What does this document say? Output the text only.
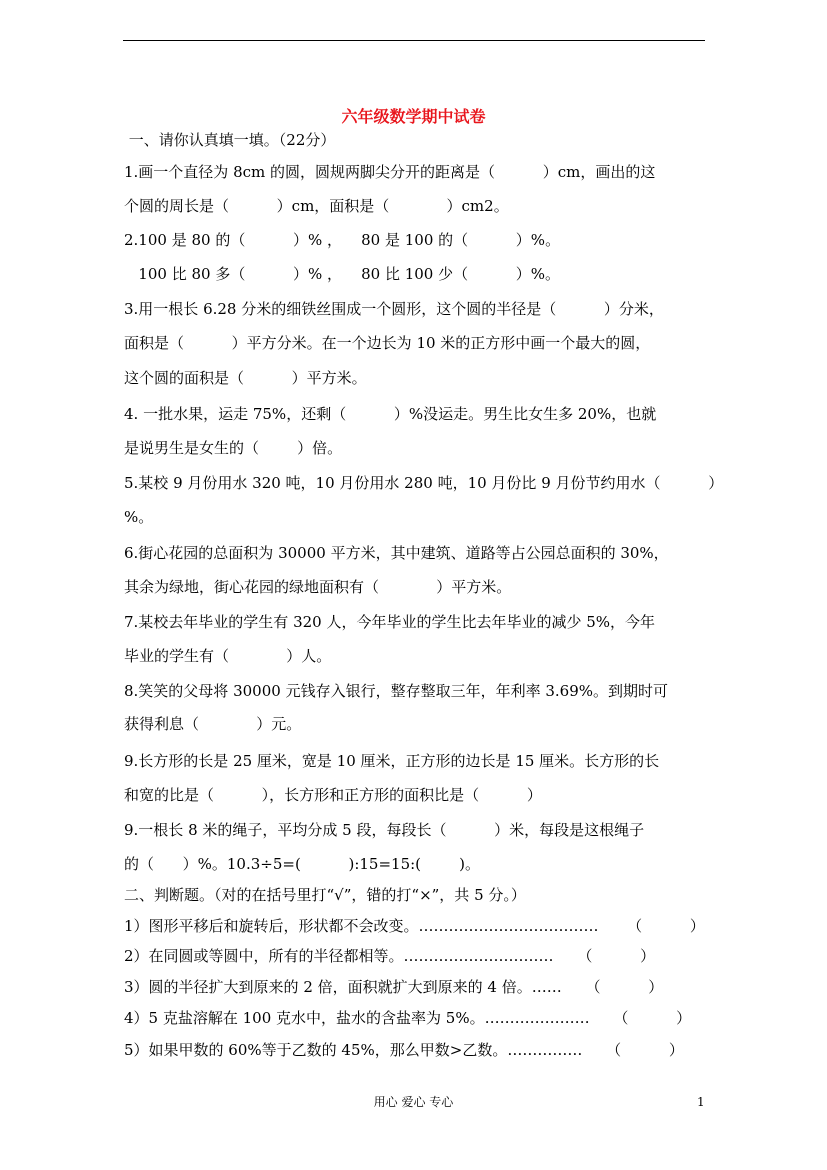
六年级数学期中试卷
一、请你认真填一填。（22分）
1.画一个直径为 8cm 的圆，圆规两脚尖分开的距离是（          ）cm，画出的这
个圆的周长是（          ）cm，面积是（            ）cm2。
2.100 是 80 的（          ）% ，    80 是 100 的（          ）%。
100 比 80 多（          ）% ，    80 比 100 少（          ）%。
3.用一根长 6.28 分米的细铁丝围成一个圆形，这个圆的半径是（          ）分米，
面积是（          ）平方分米。在一个边长为 10 米的正方形中画一个最大的圆，
这个圆的面积是（          ）平方米。
4. 一批水果，运走 75%，还剩（          ）%没运走。男生比女生多 20%，也就
是说男生是女生的（        ）倍。
5.某校 9 月份用水 320 吨，10 月份用水 280 吨，10 月份比 9 月份节约用水（          ）
%。
6.街心花园的总面积为 30000 平方米，其中建筑、道路等占公园总面积的 30%，
其余为绿地，街心花园的绿地面积有（            ）平方米。
7.某校去年毕业的学生有 320 人，今年毕业的学生比去年毕业的减少 5%，今年
毕业的学生有（            ）人。
8.笑笑的父母将 30000 元钱存入银行，整存整取三年，年利率 3.69%。到期时可
获得利息（            ）元。
9.长方形的长是 25 厘米，宽是 10 厘米，正方形的边长是 15 厘米。长方形的长
和宽的比是（          ），长方形和正方形的面积比是（          ）
9.一根长 8 米的绳子，平均分成 5 段，每段长（          ）米，每段是这根绳子
的（      ）%。10.3÷5=(          ):15=15:(        )。
二、判断题。（对的在括号里打“√”，错的打“×”，共 5 分。）
1）图形平移后和旋转后，形状都不会改变。………………………………      （          ）
2）在同圆或等圆中，所有的半径都相等。…………………………     （          ）
3）圆的半径扩大到原来的 2 倍，面积就扩大到原来的 4 倍。……     （          ）
4）5 克盐溶解在 100 克水中，盐水的含盐率为 5%。…………………     （          ）
5）如果甲数的 60%等于乙数的 45%，那么甲数>乙数。……………     （          ）
用心 爱心 专心	1
